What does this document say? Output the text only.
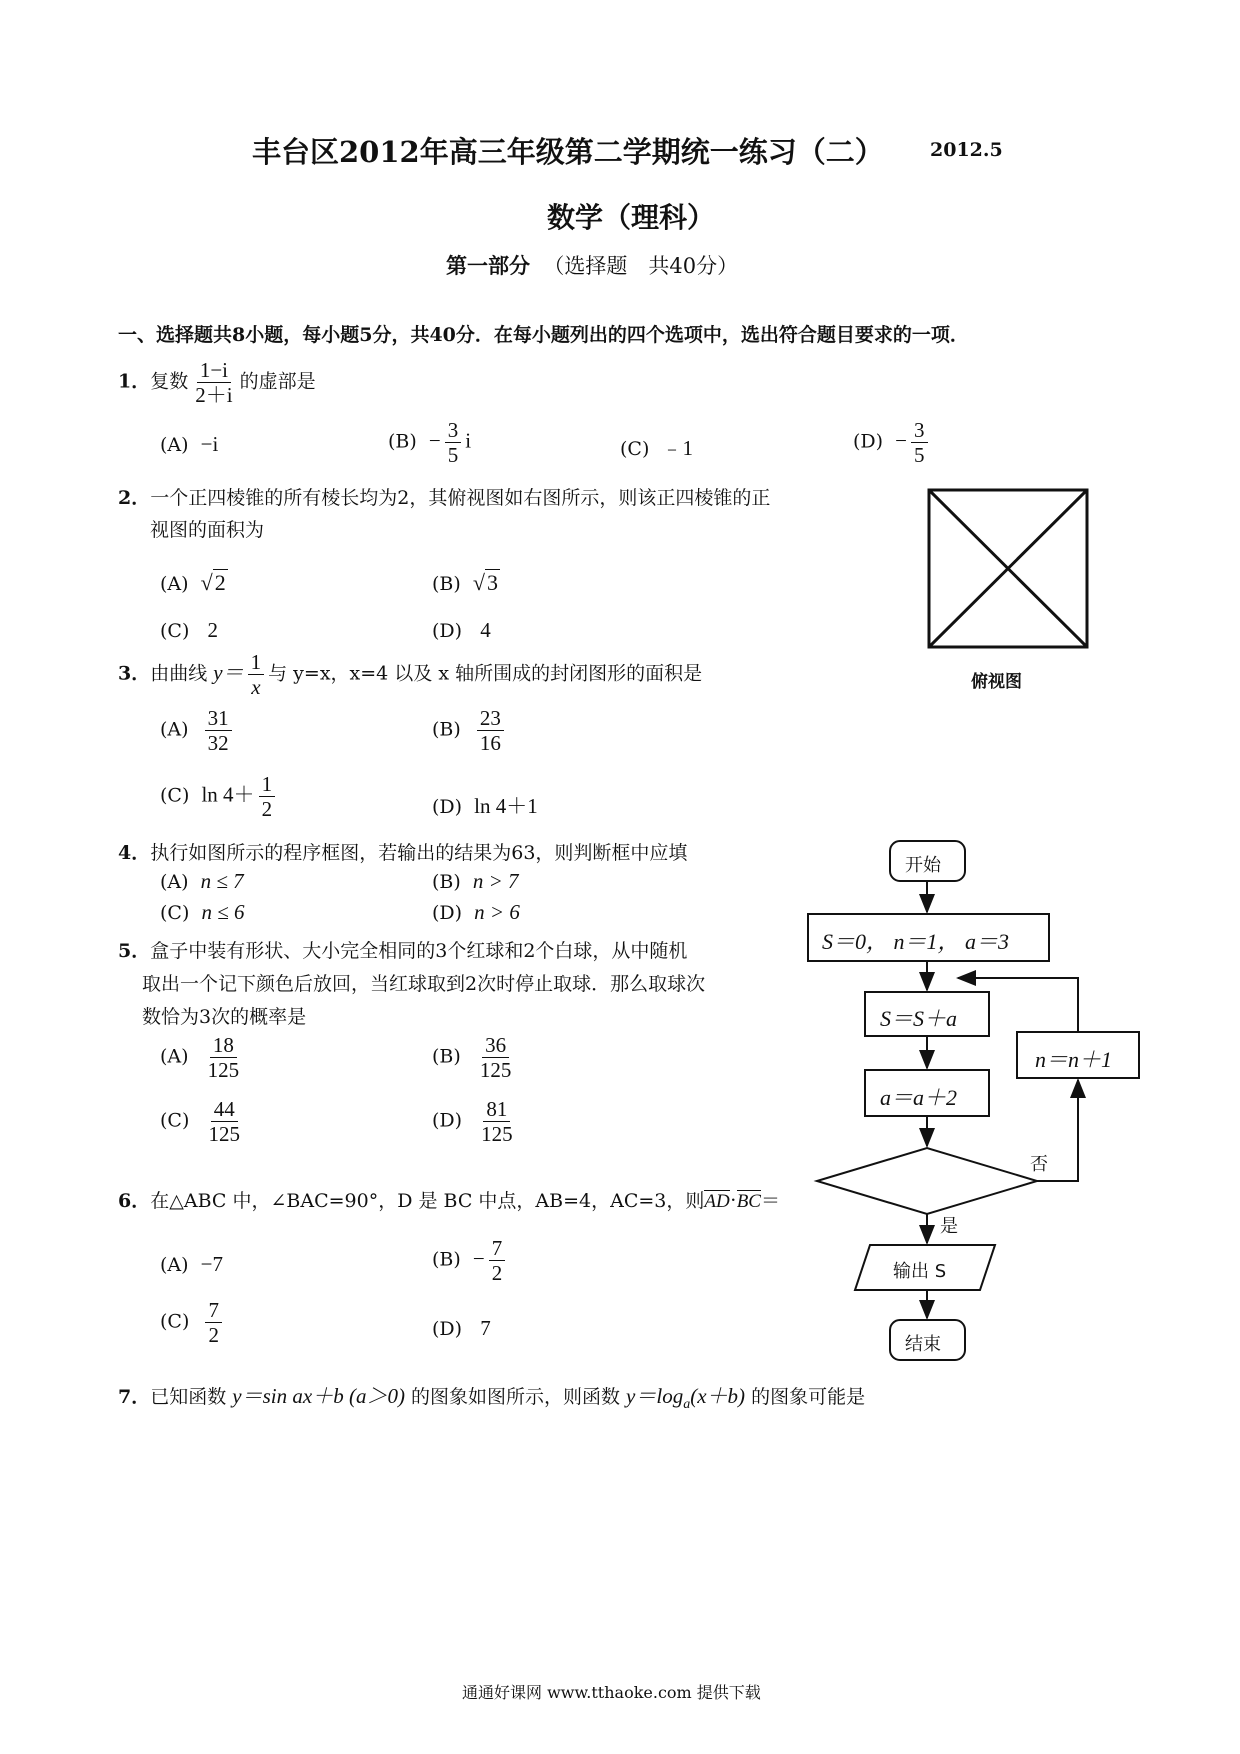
丰台区2012年高三年级第二学期统一练习（二） 2012.5
数学（理科）
第一部分 （选择题　共40分）
一、选择题共8小题，每小题5分，共40分．在每小题列出的四个选项中，选出符合题目要求的一项．
1．复数 $\frac{1-i}{2+i}$ 的虚部是
(A) −i	$(B) - \frac{3}{5}$ i	(C) ﹣1	$(D) - \frac{3}{5}$
2．一个正四棱锥的所有棱长均为2，其俯视图如右图所示，则该正四棱锥的正
视图的面积为
(A) √2	(B) √3
(C) 2	(D) 4
俯视图
3．由曲线 $y= \frac{1}{x}$ 与 y=x，x=4 以及 x 轴所围成的封闭图形的面积是
$(A) \frac{31}{32}$	$(B) \frac{23}{16}$
(C) $\ln 4+ \frac{1}{2}$	(D) ln 4＋1
4．执行如图所示的程序框图，若输出的结果为63，则判断框中应填
(A) n ≤ 7	(B) n > 7
(C) n ≤ 6	(D) n > 6
5．盒子中装有形状、大小完全相同的3个红球和2个白球，从中随机
取出一个记下颜色后放回，当红球取到2次时停止取球．那么取球次
数恰为3次的概率是
$(A) \frac{18}{125}$	$(B) \frac{36}{125}$
$(C) \frac{44}{125}$	$(D) \frac{81}{125}$
6．在△ABC 中，∠BAC=90°，D 是 BC 中点，AB=4，AC=3，则AD·BC＝
(A) −7	$(B) - \frac{7}{2}$
$(C) \frac{7}{2}$	(D) 7
7．已知函数 y＝sin ax＋b (a＞0) 的图象如图所示，则函数 $y=\log_a(x+b)$ 的图象可能是
开始
S＝0， n＝1， a＝3
S＝S＋a
a＝a＋2
n＝n＋1
否
是
输出 S
结束
通通好课网 www.tthaoke.com 提供下载
